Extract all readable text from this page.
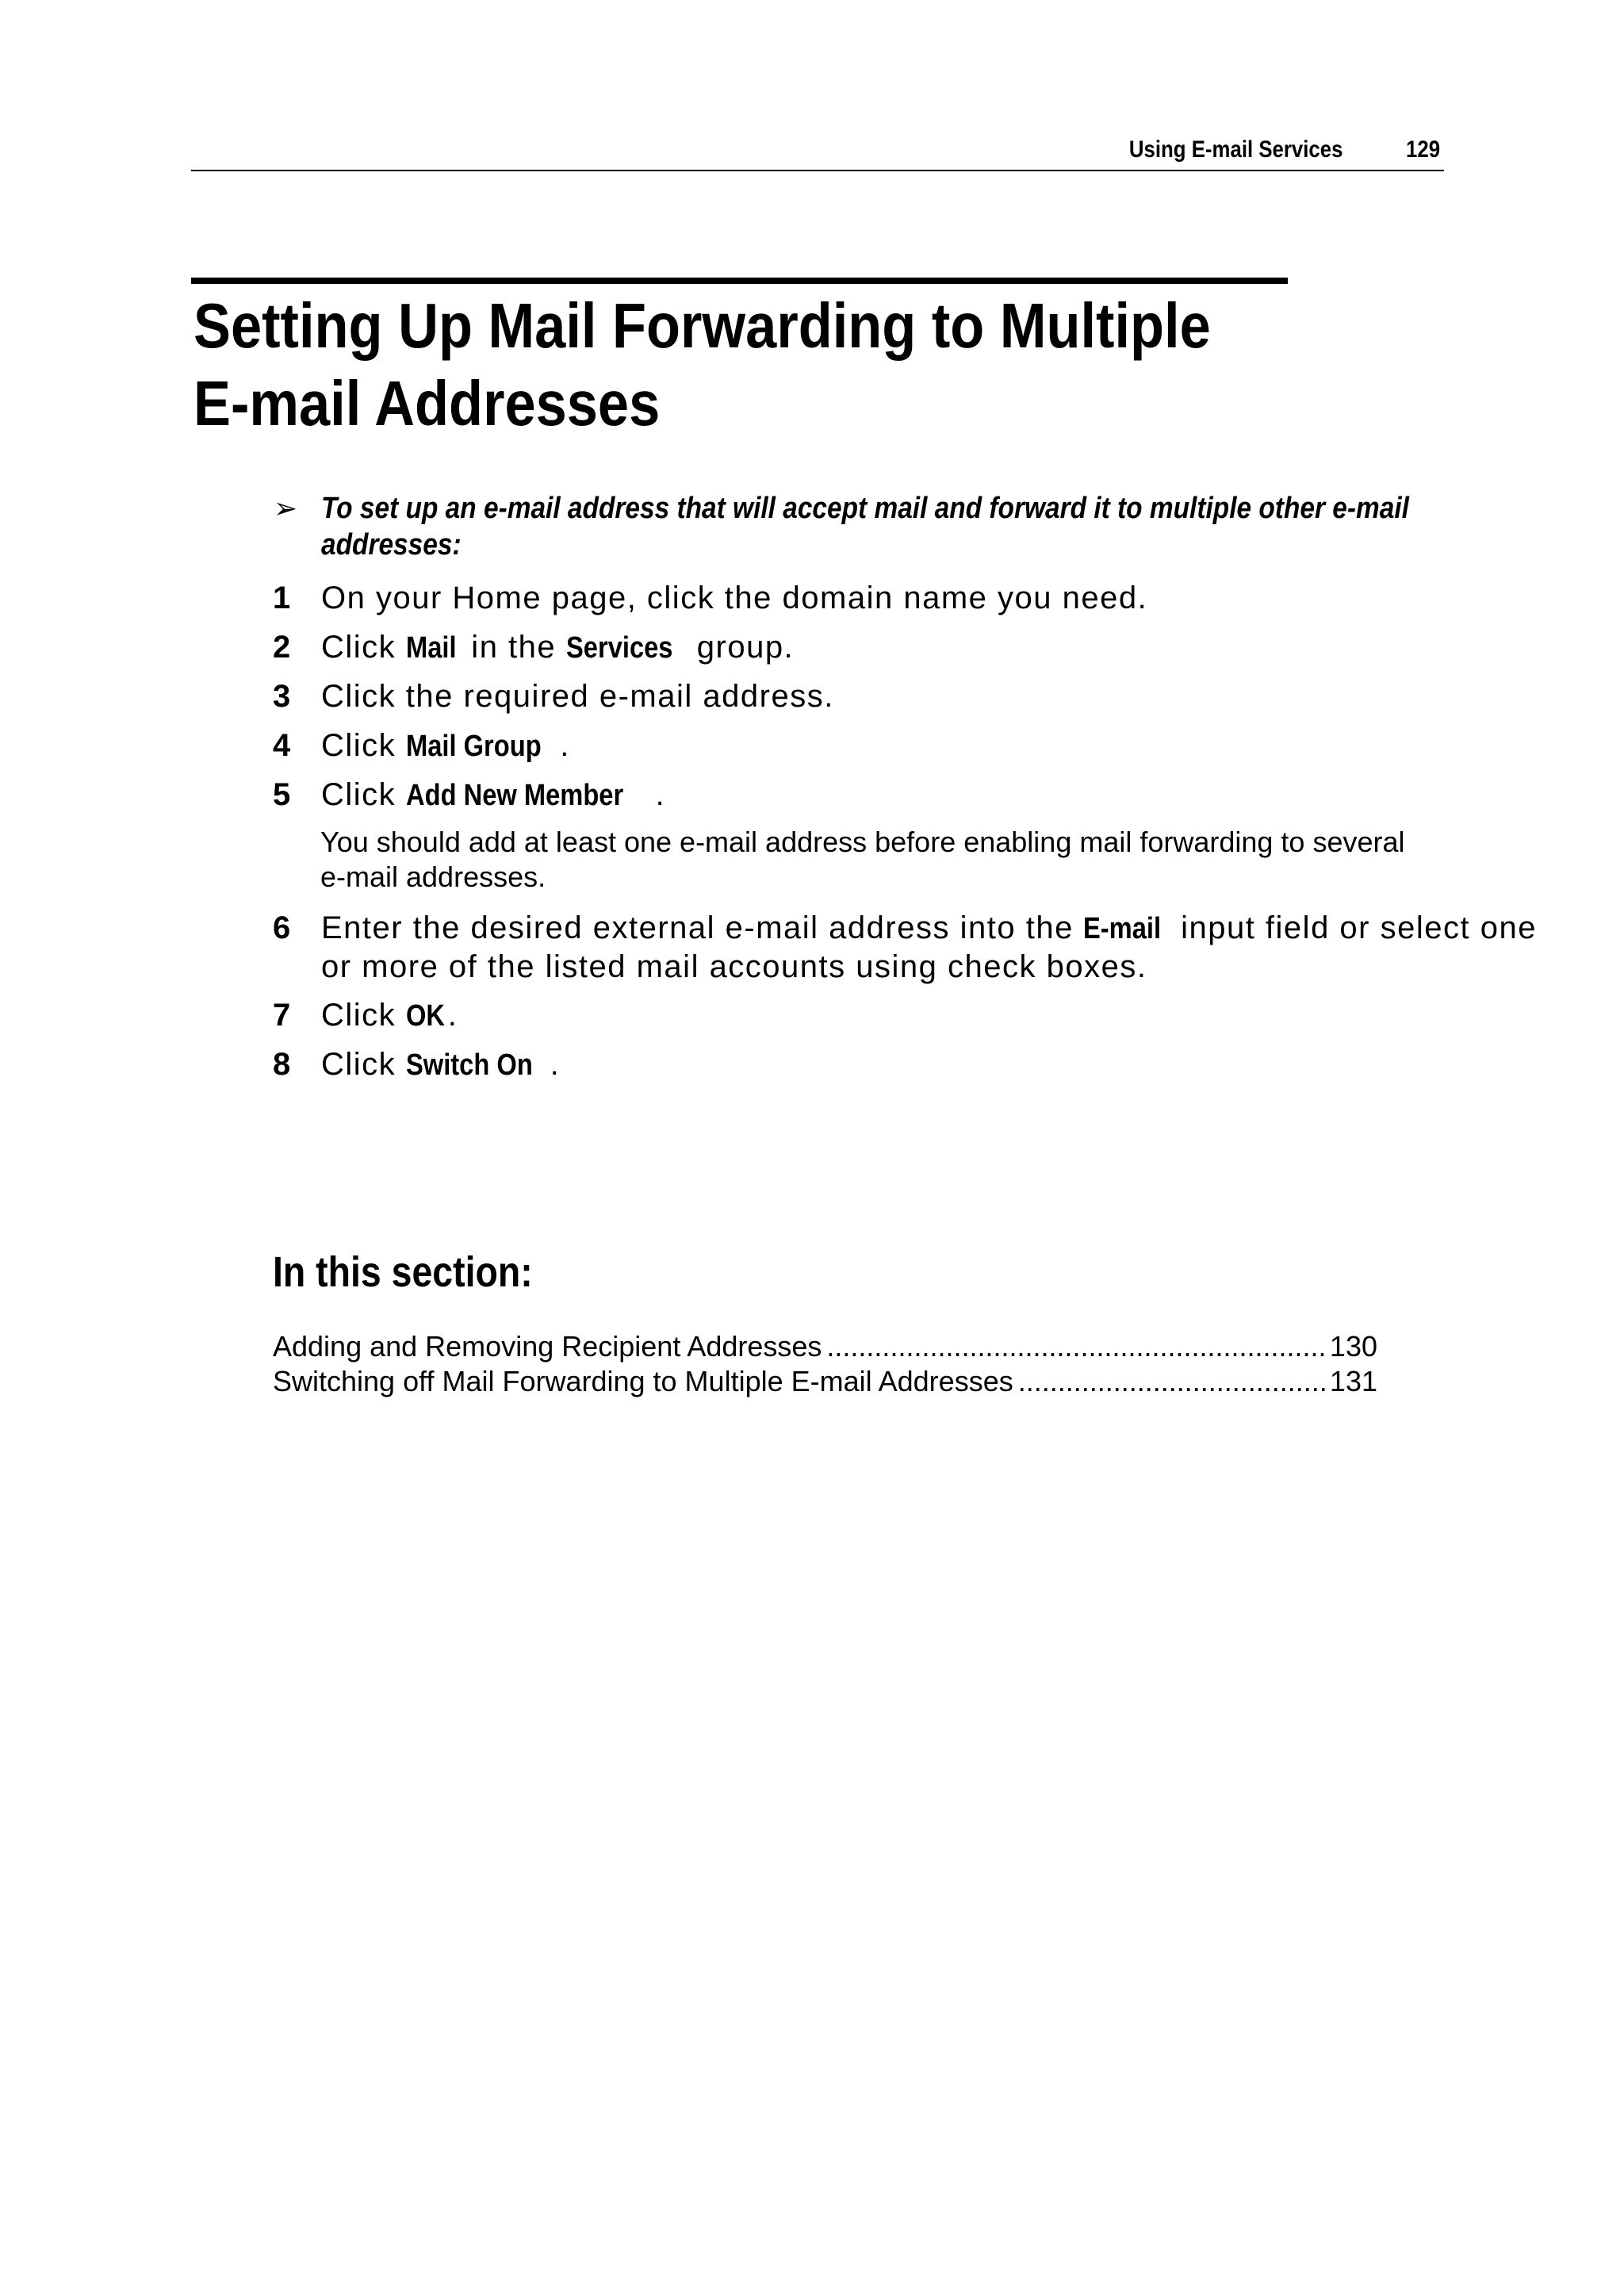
Using E-mail Services	129
Setting Up Mail Forwarding to Multiple E-mail Addresses
➢ To set up an e-mail address that will accept mail and forward it to multiple other e-mail addresses:
1 On your Home page, click the domain name you need.
2 Click Mail in the Services group.
3 Click the required e-mail address.
4 Click Mail Group .
5 Click Add New Member .
You should add at least one e-mail address before enabling mail forwarding to several e-mail addresses.
6 Enter the desired external e-mail address into the E-mail input field or select one or more of the listed mail accounts using check boxes.
7 Click OK.
8 Click Switch On .
In this section:
Adding and Removing Recipient Addresses .....	130
Switching off Mail Forwarding to Multiple E-mail Addresses .....	131
